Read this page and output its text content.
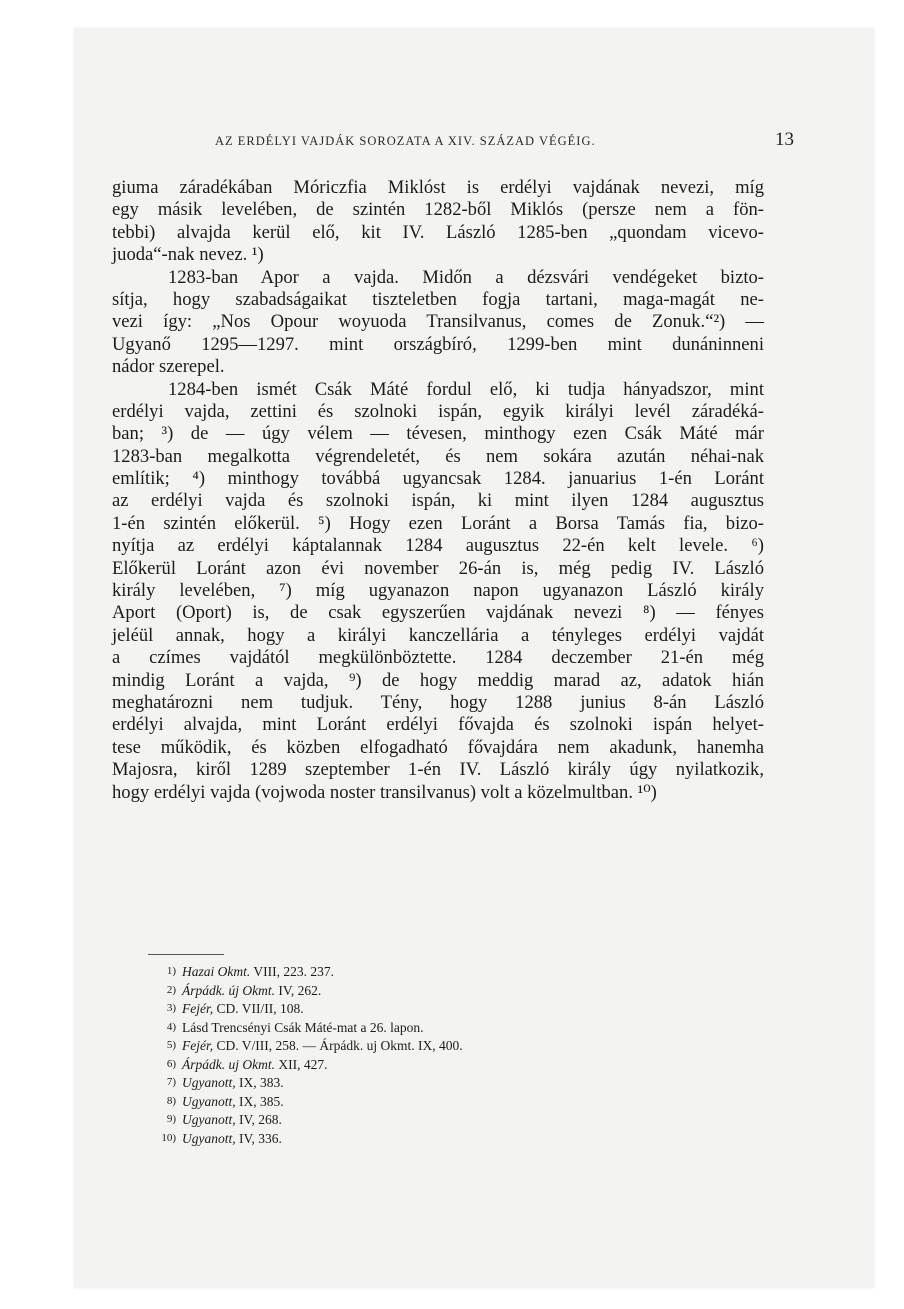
AZ ERDÉLYI VAJDÁK SOROZATA A XIV. SZÁZAD VÉGÉIG.	13
giuma záradékában Móriczfia Miklóst is erdélyi vajdának nevezi, míg
egy másik levelében, de szintén 1282-ből Miklós (persze nem a fön-
tebbi) alvajda kerül elő, kit IV. László 1285-ben „quondam vicevo-
juoda“-nak nevez. ¹)
1283-ban Apor a vajda. Midőn a dézsvári vendégeket bizto-
sítja, hogy szabadságaikat tiszteletben fogja tartani, maga-magát ne-
vezi így: „Nos Opour woyuoda Transilvanus, comes de Zonuk.“²) —
Ugyanő 1295—1297. mint országbíró, 1299-ben mint dunáninneni
nádor szerepel.
1284-ben ismét Csák Máté fordul elő, ki tudja hányadszor, mint
erdélyi vajda, zettini és szolnoki ispán, egyik királyi levél záradéká-
ban; ³) de — úgy vélem — tévesen, minthogy ezen Csák Máté már
1283-ban megalkotta végrendeletét, és nem sokára azután néhai-nak
említik; ⁴) minthogy továbbá ugyancsak 1284. januarius 1-én Loránt
az erdélyi vajda és szolnoki ispán, ki mint ilyen 1284 augusztus
1-én szintén előkerül. ⁵) Hogy ezen Loránt a Borsa Tamás fia, bizo-
nyítja az erdélyi káptalannak 1284 augusztus 22-én kelt levele. ⁶)
Előkerül Loránt azon évi november 26-án is, még pedig IV. László
király levelében, ⁷) míg ugyanazon napon ugyanazon László király
Aport (Oport) is, de csak egyszerűen vajdának nevezi ⁸) — fényes
jeléül annak, hogy a királyi kanczellária a tényleges erdélyi vajdát
a czímes vajdától megkülönböztette. 1284 deczember 21-én még
mindig Loránt a vajda, ⁹) de hogy meddig marad az, adatok hián
meghatározni nem tudjuk. Tény, hogy 1288 junius 8-án László
erdélyi alvajda, mint Loránt erdélyi fővajda és szolnoki ispán helyet-
tese működik, és közben elfogadható fővajdára nem akadunk, hanemha
Majosra, kiről 1289 szeptember 1-én IV. László király úgy nyilatkozik,
hogy erdélyi vajda (vojwoda noster transilvanus) volt a közelmultban. ¹⁰)
1) Hazai Okmt. VIII, 223. 237.
2) Árpádk. új Okmt. IV, 262.
3) Fejér, CD. VII/II, 108.
4) Lásd Trencsényi Csák Máté-mat a 26. lapon.
5) Fejér, CD. V/III, 258. — Árpádk. uj Okmt. IX, 400.
6) Árpádk. uj Okmt. XII, 427.
7) Ugyanott, IX, 383.
8) Ugyanott, IX, 385.
9) Ugyanott, IV, 268.
10) Ugyanott, IV, 336.
